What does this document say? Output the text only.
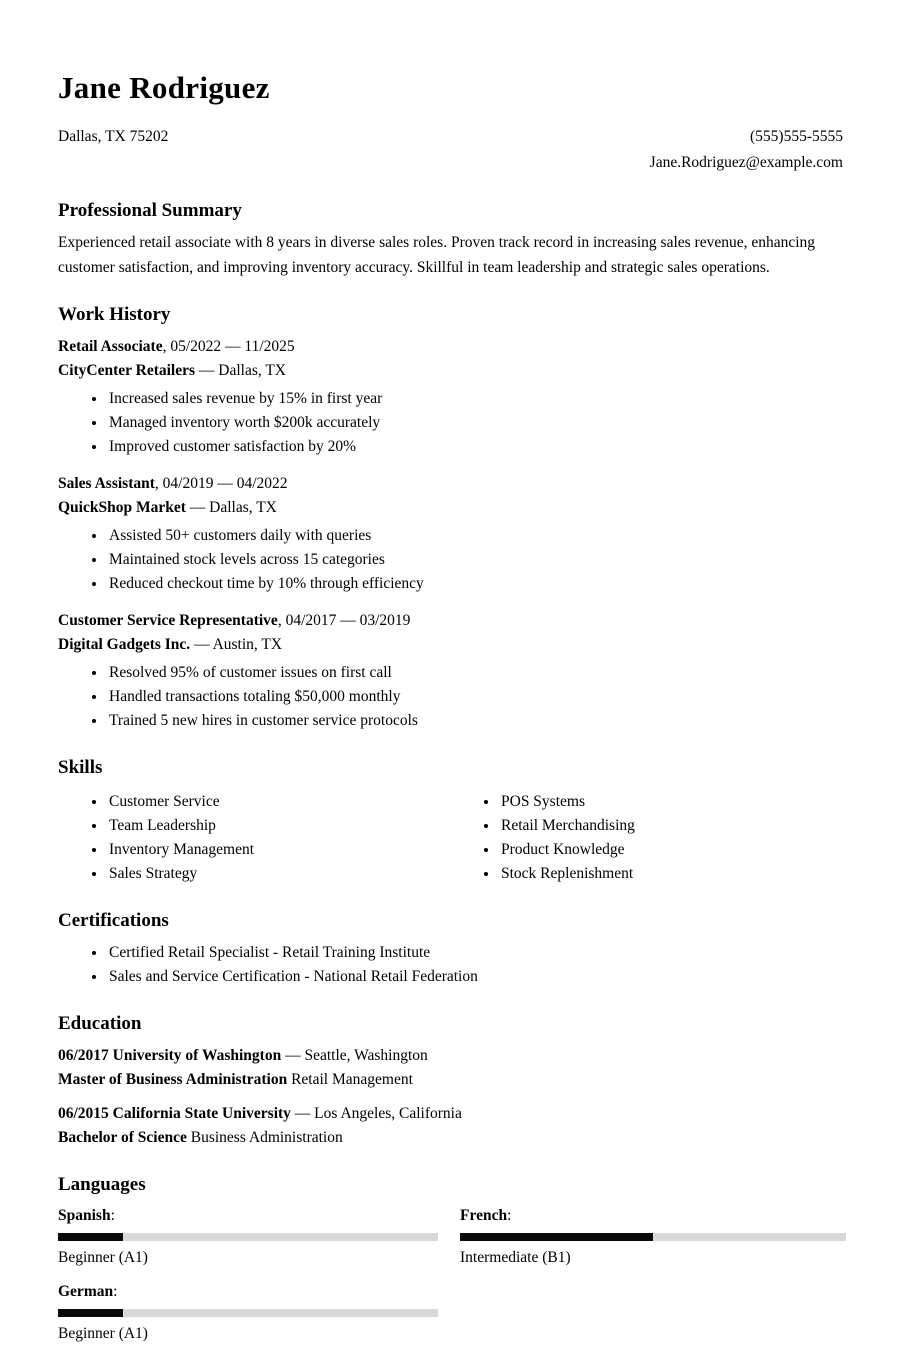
Jane Rodriguez
Dallas, TX 75202	(555)555-5555
Jane.Rodriguez@example.com
Professional Summary

Experienced retail associate with 8 years in diverse sales roles. Proven track record in increasing sales revenue, enhancing customer satisfaction, and improving inventory accuracy. Skillful in team leadership and strategic sales operations.

Work History
Retail Associate, 05/2022 — 11/2025
CityCenter Retailers — Dallas, TX
• Increased sales revenue by 15% in first year
• Managed inventory worth $200k accurately
• Improved customer satisfaction by 20%
Sales Assistant, 04/2019 — 04/2022
QuickShop Market — Dallas, TX
• Assisted 50+ customers daily with queries
• Maintained stock levels across 15 categories
• Reduced checkout time by 10% through efficiency
Customer Service Representative, 04/2017 — 03/2019
Digital Gadgets Inc. — Austin, TX
• Resolved 95% of customer issues on first call
• Handled transactions totaling $50,000 monthly
• Trained 5 new hires in customer service protocols
Skills
• Customer Service
• Team Leadership
• Inventory Management
• Sales Strategy
• POS Systems
• Retail Merchandising
• Product Knowledge
• Stock Replenishment
Certifications
• Certified Retail Specialist - Retail Training Institute
• Sales and Service Certification - National Retail Federation
Education
06/2017 University of Washington — Seattle, Washington
Master of Business Administration Retail Management
06/2015 California State University — Los Angeles, California
Bachelor of Science Business Administration
Languages
Spanish:
Beginner (A1)
French:
Intermediate (B1)
German:
Beginner (A1)
